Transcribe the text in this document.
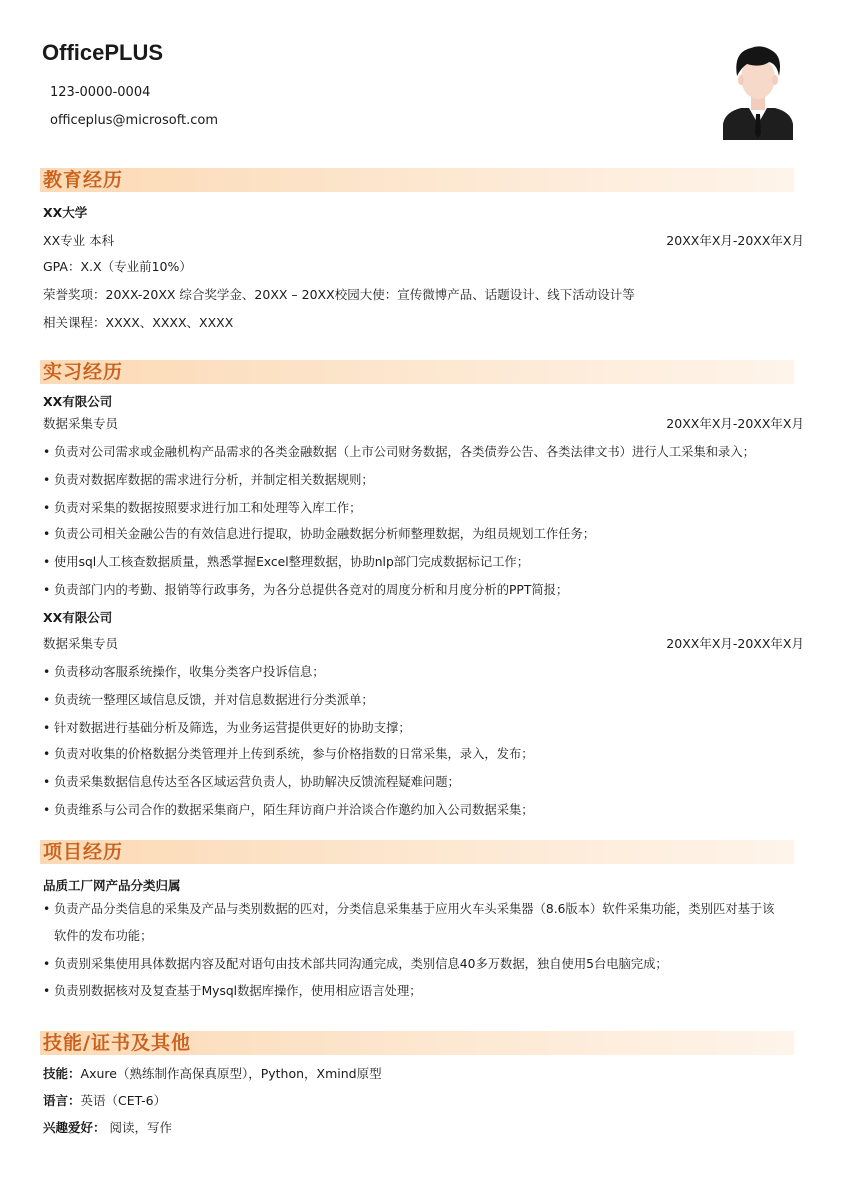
OfficePLUS
123-0000-0004
officeplus@microsoft.com
教育经历
XX大学
XX专业 本科	20XX年X月-20XX年X月
GPA：X.X（专业前10%）
荣誉奖项：20XX-20XX 综合奖学金、20XX – 20XX校园大使：宣传微博产品、话题设计、线下活动设计等
相关课程：XXXX、XXXX、XXXX
实习经历
XX有限公司
数据采集专员	20XX年X月-20XX年X月
• 负责对公司需求或金融机构产品需求的各类金融数据（上市公司财务数据，各类债券公告、各类法律文书）进行人工采集和录入；
• 负责对数据库数据的需求进行分析，并制定相关数据规则；
• 负责对采集的数据按照要求进行加工和处理等入库工作；
• 负责公司相关金融公告的有效信息进行提取，协助金融数据分析师整理数据，为组员规划工作任务；
• 使用sql人工核查数据质量，熟悉掌握Excel整理数据，协助nlp部门完成数据标记工作；
• 负责部门内的考勤、报销等行政事务，为各分总提供各竞对的周度分析和月度分析的PPT简报；
XX有限公司
数据采集专员	20XX年X月-20XX年X月
• 负责移动客服系统操作，收集分类客户投诉信息；
• 负责统一整理区域信息反馈，并对信息数据进行分类派单；
• 针对数据进行基础分析及筛选，为业务运营提供更好的协助支撑；
• 负责对收集的价格数据分类管理并上传到系统，参与价格指数的日常采集，录入，发布；
• 负责采集数据信息传达至各区域运营负责人，协助解决反馈流程疑难问题；
• 负责维系与公司合作的数据采集商户，陌生拜访商户并洽谈合作邀约加入公司数据采集；
项目经历
品质工厂网产品分类归属
• 负责产品分类信息的采集及产品与类别数据的匹对，分类信息采集基于应用火车头采集器（8.6版本）软件采集功能，类别匹对基于该
软件的发布功能；
• 负责别采集使用具体数据内容及配对语句由技术部共同沟通完成，类别信息40多万数据，独自使用5台电脑完成；
• 负责别数据核对及复查基于Mysql数据库操作，使用相应语言处理；
技能/证书及其他
技能：Axure（熟练制作高保真原型），Python，Xmind原型
语言：英语（CET-6）
兴趣爱好： 阅读，写作
